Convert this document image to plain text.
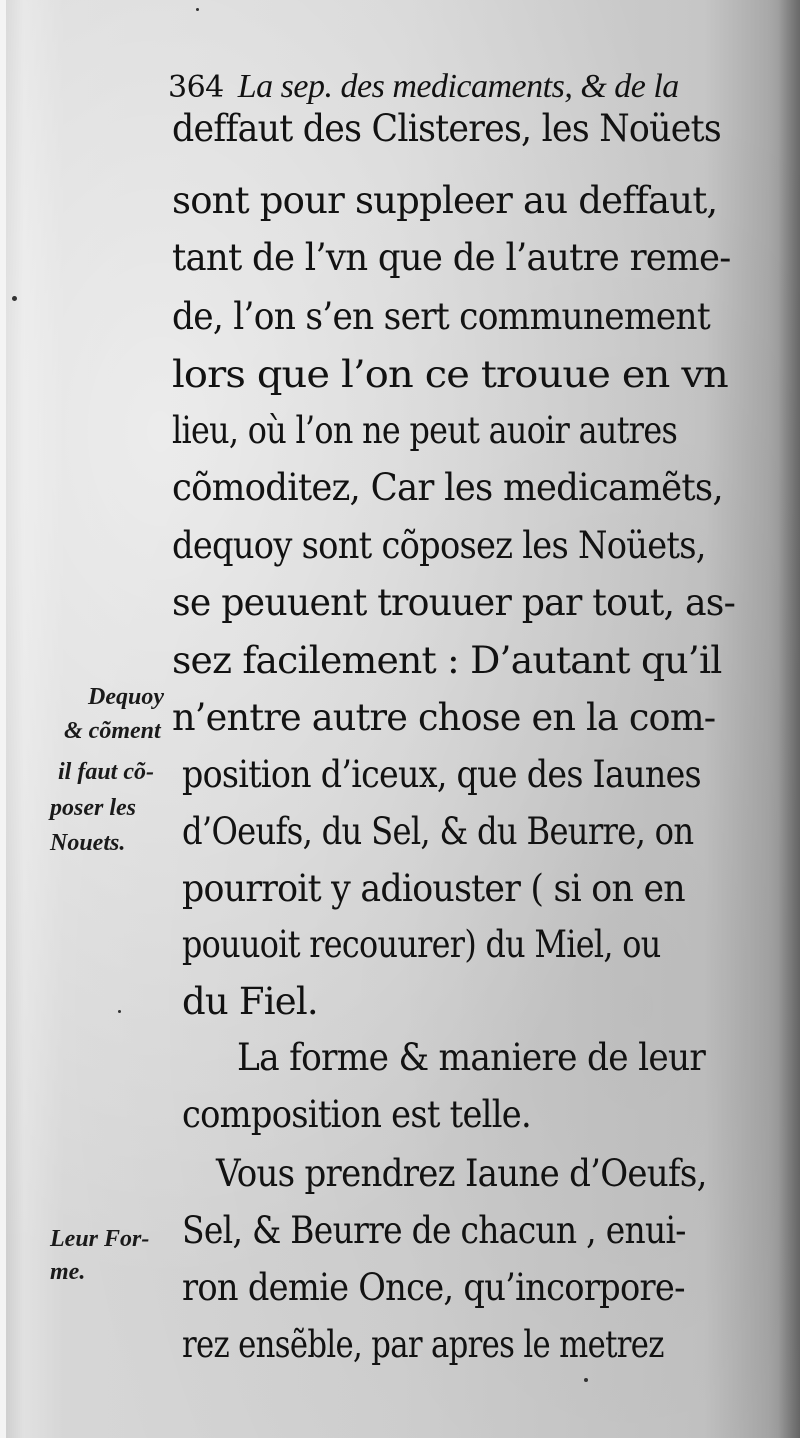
364 La sep. des medicaments, & de la
deffaut des Clisteres, les Noüets
sont pour suppleer au deffaut,
tant de l’vn que de l’autre reme-
de, l’on s’en sert communement
lors que l’on ce trouue en vn
lieu, où l’on ne peut auoir autres
cõmoditez, Car les medicamẽts,
dequoy sont cõposez les Noüets,
se peuuent trouuer par tout, as-
sez facilement : D’autant qu’il
n’entre autre chose en la com-
position d’iceux, que des Iaunes
d’Oeufs, du Sel, & du Beurre, on
pourroit y adiouster ( si on en
pouuoit recouurer) du Miel, ou
du Fiel.
La forme & maniere de leur
composition est telle.
Vous prendrez Iaune d’Oeufs,
Sel, & Beurre de chacun , enui-
ron demie Once, qu’incorpore-
rez ensẽble, par apres le metrez
Dequoy
& cõment
il faut cõ-
poser les
Nouets.
Leur For-
me.
